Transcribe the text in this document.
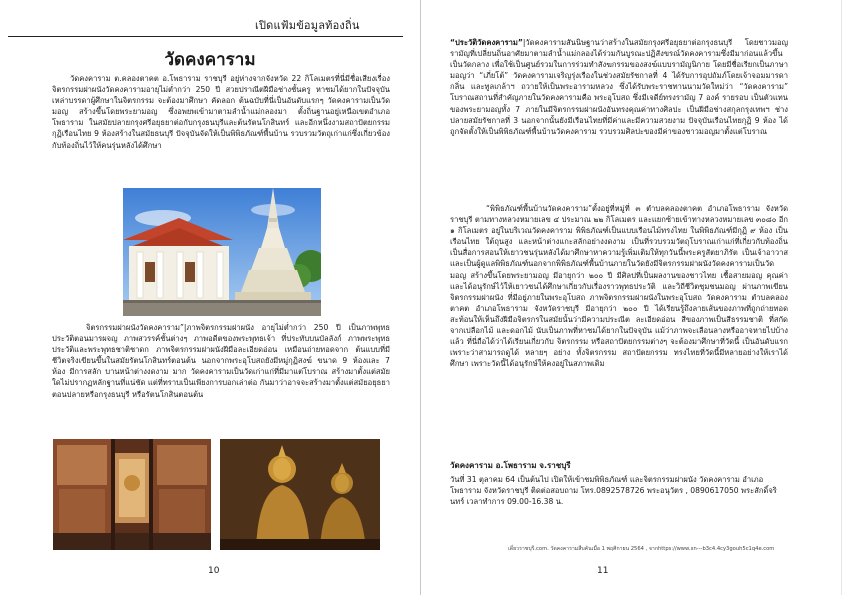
เปิดแฟ้มข้อมูลท้องถิ่น
วัดคงคาราม

วัดคงคาราม ต.คลองตาคต อ.โพธาราม ราชบุรี อยู่ห่างจากจังหวัด 22 กิโลเมตรที่นี่มีชื่อเสียงเรื่อง จิตรกรรมฝาผนังวัดคงคารามอายุไม่ต่ำกว่า 250 ปี สวยปราณีตฝีมือช่างชั้นครู หาชมได้ยากในปัจจุบัน เหล่าบรรดาผู้ศึกษาในจิตรกรรม จะต้องมาศึกษา คัดลอก ต้นฉบับที่นี่เป็นอันดับแรกๆ วัดคงคารามเป็นวัดมอญ สร้างขึ้นโดยพระยามอญ ซึ่งอพยพเข้ามาตามลำน้ำแม่กลองมา ตั้งถิ่นฐานอยู่เหนือเขตอำเภอโพธาราม ในสมัยปลายกรุงศรีอยุธยาต่อกับกรุงธนบุรีและต้นรัตนโกสินทร์ และอีกหนึ่งงามสถาปัตยกรรม กุฏิเรือนไทย 9 ห้องสร้างในสมัยธนบุรี ปัจจุบันจัดให้เป็นพิพิธภัณฑ์พื้นบ้าน รวบรวมวัตถุเก่าแก่ซึ่งเกี่ยวข้องกับท้องถิ่นไว้ให้คนรุ่นหลังได้ศึกษา

จิตรกรรมฝาผนังวัดคงคาราม”|ภาพจิตรกรรมฝาผนัง อายุไม่ต่ำกว่า 250 ปี เป็นภาพพุทธประวัติตอนมารผจญ ภาพสวรรค์ชั้นต่างๆ ภาพอดีตของพระพุทธเจ้า ที่ประทับบนบัลลังก์ ภาพพระพุทธประวัติและพระพุทธชาติชาดก ภาพจิตรกรรมฝาผนังฝีมือละเอียดอ่อน เหมือนถ่ายทอดจาก ต้นแบบที่มี ชีวิตจริงเขียนขึ้นในสมัยรัตนโกสินทร์ตอนต้น นอกจากพระอุโบสถยังมีหมู่กุฏิสงฆ์ ขนาด 9 ห้องและ 7 ห้อง มีการสลัก บานหน้าต่างงดงาม มาก วัดคงคารามเป็นวัดเก่าแก่ที่มีมาแต่โบราณ สร้างมาตั้งแต่สมัยใดไม่ปรากฏหลักฐานที่แน่ชัด แต่ที่ทราบเป็นเพียงการบอกเล่าต่อ กันมาว่าอาจจะสร้างมาตั้งแต่สมัยอยุธยาตอนปลายหรือกรุงธนบุรี หรือรัตนโกสินตอนต้น

10

“ประวัติวัดคงคาราม”|วัดคงคารามสันนิษฐานว่าสร้างในสมัยกรุงศรีอยุธยาต่อกรุงธนบุรี โดยชาวมอญรามัญที่เปลี่ยนถิ่นอาศัยมาตามลำน้ำแม่กลองได้ร่วมกันบูรณะปฏิสังขรณ์วัดคงคารามซึ่งมีมาก่อนแล้วขึ้นเป็นวัดกลาง เพื่อใช้เป็นศูนย์รวมในการร่วมทำสังฆกรรมของสงฆ์แบบรามัญนิกาย โดยมีชื่อเรียกเป็นภาษามอญว่า “เภี่ยโต้” วัดคงคารามเจริญรุ่งเรืองในช่วงสมัยรัชกาลที่ 4 ได้รับการอุปถัมภ์โดยเจ้าจอมมารดากลิ่น และทูลเกล้าฯ ถวายให้เป็นพระอารามหลวง ซึ่งได้รับพระราชทานนามวัดใหม่ว่า “วัดคงคาราม” โบราณสถานที่สำคัญภายในวัดคงคารามคือ พระอุโบสถ ซึ่งมีเจดีย์ทรงรามัญ 7 องค์ รายรอบ เป็นตัวแทนของพระยามอญทั้ง 7 ภายในมีจิตรกรรมฝาผนังอันทรงคุณค่าทางศิลปะ เป็นฝีมือช่างสกุลกรุงเทพฯ ช่างปลายสมัยรัชกาลที่ 3 นอกจากนั้นยังมีเรือนไทยที่มีค่าและมีความสวยงาม ปัจจุบันเรือนไทยกุฏิ 9 ห้อง ได้ถูกจัดตั้งให้เป็นพิพิธภัณฑ์พื้นบ้านวัดคงคาราม รวบรวมศิลปะของมีค่าของชาวมอญมาตั้งแต่โบราณ

“พิพิธภัณฑ์พื้นบ้านวัดคงคาราม”ตั้งอยู่ที่หมู่ที่ ๓ ตำบลคลองตาคต อำเภอโพธาราม จังหวัดราชบุรี ตามทางหลวงหมายเลข ๔ ประมาณ ๒๒ กิโลเมตร และแยกซ้ายเข้าทางหลวงหมายเลข ๓๐๘๐ อีก ๑ กิโลเมตร อยู่ในบริเวณวัดคงคาราม พิพิธภัณฑ์เป็นแบบเรือนไม้ทรงไทย ในพิพิธภัณฑ์มีกุฏิ ๙ ห้อง เป็นเรือนไทย ใต้ถุนสูง และหน้าต่างแกะสลักอย่างงดงาม เป็นที่รวบรวมวัตถุโบราณเก่าแก่ที่เกี่ยวกับท้องถิ่น เป็นสื่อการสอนให้เยาวชนรุ่นหลังได้มาศึกษาหาความรู้เพิ่มเติมให้ทุกวันนี้พระครูสัตยาภิรัต เป็นเจ้าอาวาสและเป็นผู้ดูแลพิพิธภัณฑ์นอกจากพิพิธภัณฑ์พื้นบ้านภายในวัดยังมีจิตรกรรมฝาผนังวัดคงคารามเป็นวัดมอญ สร้างขึ้นโดยพระยามอญ มีอายุกว่า ๒๐๐ ปี มีศิลปที่เป็นผลงานของชาวไทย เชื้อสายมอญ คุณค่า และได้อนุรักษ์ไว้ให้เยาวชนได้ศึกษาเกี่ยวกับเรื่องราวพุทธประวัติ และวิถีชีวิตชุมชนมอญ ผ่านภาพเขียนจิตรกรรมฝาผนัง ที่มีอยู่ภายในพระอุโบสถ ภาพจิตรกรรมฝาผนังในพระอุโบสถ วัดคงคาราม ตำบลคลองตาคต อำเภอโพธาราม จังหวัดราชบุรี มีอายุกว่า ๒๐๐ ปี ได้เรียนรู้ถึงลายเส้นของภาพที่ถูกถ่ายทอด สะท้อนให้เห็นถึงฝีมือจิตรกรในสมัยนั้นว่ามีความประณีต ละเอียดอ่อน สีของภาพเป็นสีธรรมชาติ ที่สกัดจากเปลือกไม้ และดอกไม้ นับเป็นภาพที่หาชมได้ยากในปัจจุบัน แม้ว่าภาพจะเลือนลางหรืออาจหายไปบ้างแล้ว ที่นี่ถือได้ว่าได้เรียนเกี่ยวกับ จิตรกรรม หรือสถาปัตยกรรมต่างๆ จะต้องมาศึกษาที่วัดนี้ เป็นอันดับแรก เพราะว่าสามารถดูได้ หลายๆ อย่าง ทั้งจิตรกรรม สถาปัตยกรรม ทรงไทยที่วัดนี้มีหลายอย่างให้เราได้ศึกษา เพราะวัดนี้ได้อนุรักษ์ให้คงอยู่ในสภาพเดิม

11

วัดคงคาราม อ.โพธาราม จ.ราชบุรี

วันที่ 31 ตุลาคม 64 เป็นต้นไป เปิดให้เข้าชมพิพิธภัณฑ์ และจิตรกรรมฝาผนัง วัดคงคาราม อำเภอโพธาราม จังหวัดราชบุรี ติดต่อสอบถาม โทร.0892578726 พระอนุวัตร , 0890617050 พระสักดิ์จรินทร์ เวลาทำการ 09.00-16.38 น.

เดี่ยวราชบุรี.com. วัดคงคารามสืบค้นเมื่อ 1 พฤศิกายน 2564 , จากhttps://www.xn---b3c4.4cy3gouh5c1q4e.com
